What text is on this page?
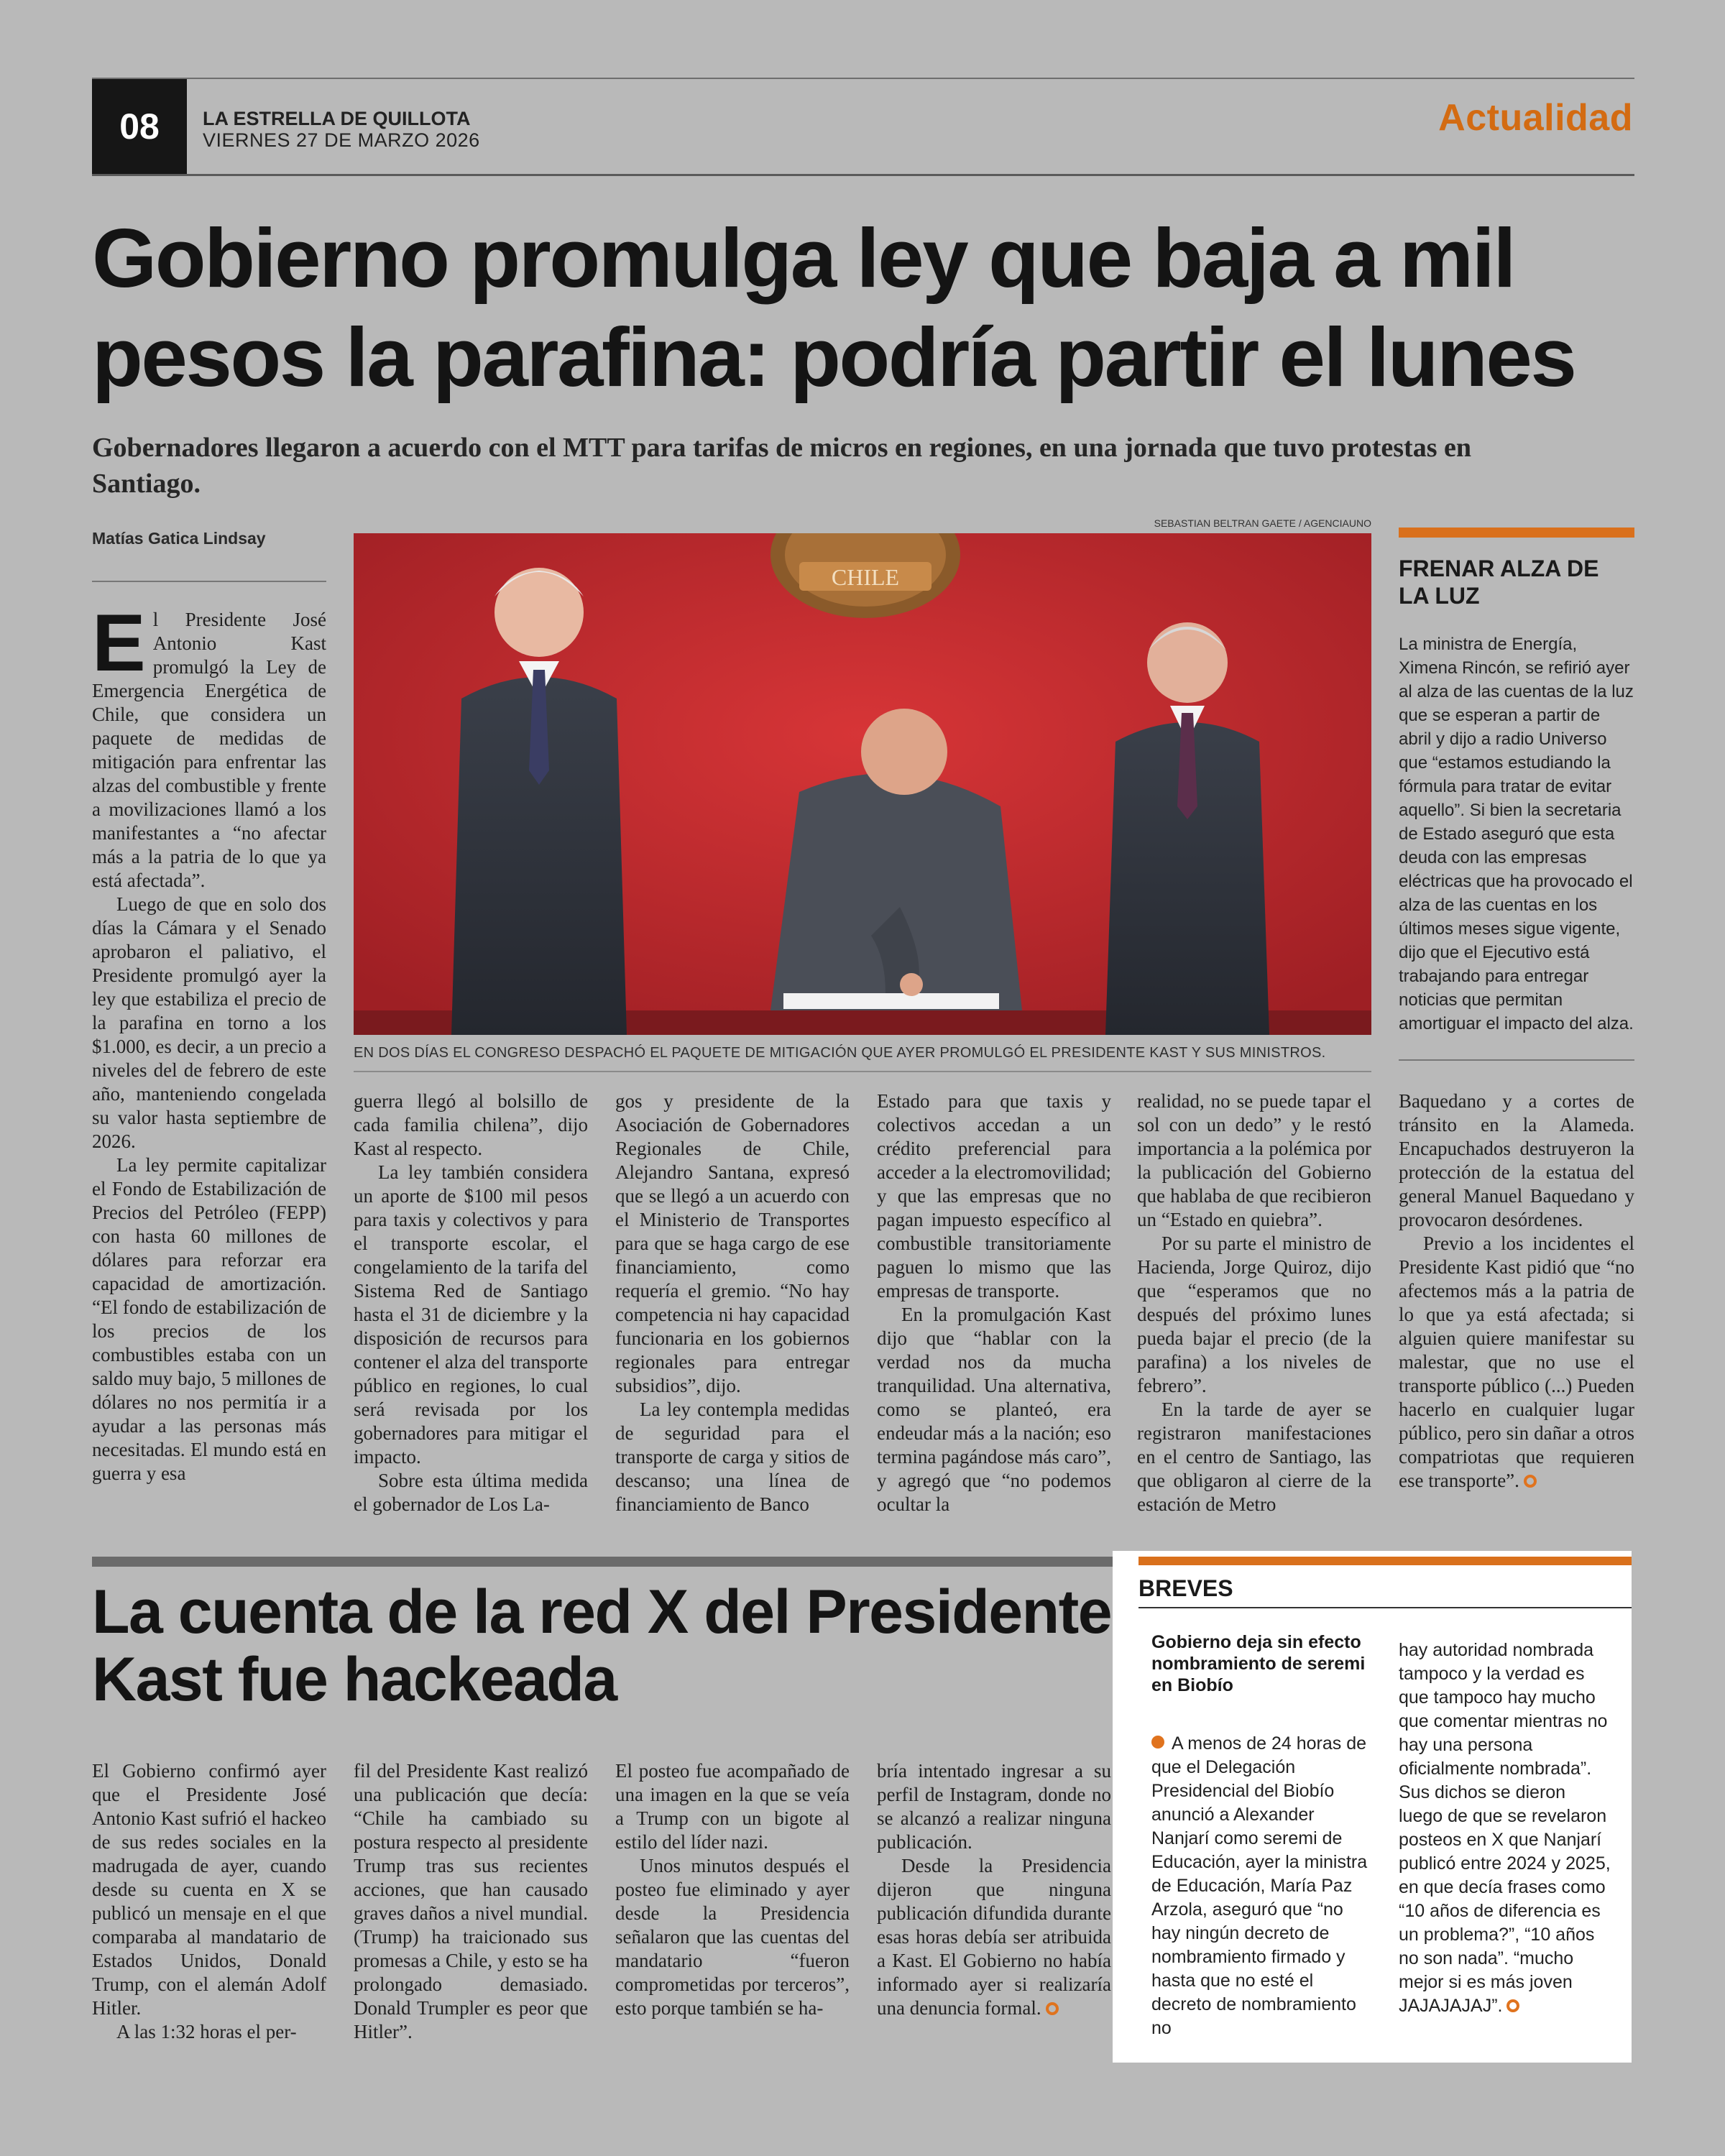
08	LA ESTRELLA DE QUILLOTA
VIERNES 27 DE MARZO 2026
Actualidad
Gobierno promulga ley que baja a mil pesos la parafina: podría partir el lunes
Gobernadores llegaron a acuerdo con el MTT para tarifas de micros en regiones, en una jornada que tuvo protestas en Santiago.
Matías Gatica Lindsay
SEBASTIAN BELTRAN GAETE / AGENCIAUNO
CHILE
EN DOS DÍAS EL CONGRESO DESPACHÓ EL PAQUETE DE MITIGACIÓN QUE AYER PROMULGÓ EL PRESIDENTE KAST Y SUS MINISTROS.

El Presidente José Antonio Kast promulgó la Ley de Emergencia Energética de Chile, que considera un paquete de medidas de mitigación para enfrentar las alzas del combustible y frente a movilizaciones llamó a los manifestantes a “no afectar más a la patria de lo que ya está afectada”.

Luego de que en solo dos días la Cámara y el Senado aprobaron el paliativo, el Presidente promulgó ayer la ley que estabiliza el precio de la parafina en torno a los $1.000, es decir, a un precio a niveles del de febrero de este año, manteniendo congelada su valor hasta septiembre de 2026.

La ley permite capitalizar el Fondo de Estabilización de Precios del Petróleo (FEPP) con hasta 60 millones de dólares para reforzar era capacidad de amortización. “El fondo de estabilización de los precios de los combustibles estaba con un saldo muy bajo, 5 millones de dólares no nos permitía ir a ayudar a las personas más necesitadas. El mundo está en guerra y esa

guerra llegó al bolsillo de cada familia chilena”, dijo Kast al respecto.

La ley también considera un aporte de $100 mil pesos para taxis y colectivos y para el transporte escolar, el congelamiento de la tarifa del Sistema Red de Santiago hasta el 31 de diciembre y la disposición de recursos para contener el alza del transporte público en regiones, lo cual será revisada por los gobernadores para mitigar el impacto.

Sobre esta última medida el gobernador de Los La-

gos y presidente de la Asociación de Gobernadores Regionales de Chile, Alejandro Santana, expresó que se llegó a un acuerdo con el Ministerio de Transportes para que se haga cargo de ese financiamiento, como requería el gremio. “No hay competencia ni hay capacidad funcionaria en los gobiernos regionales para entregar subsidios”, dijo.

La ley contempla medidas de seguridad para el transporte de carga y sitios de descanso; una línea de financiamiento de Banco

Estado para que taxis y colectivos accedan a un crédito preferencial para acceder a la electromovilidad; y que las empresas que no pagan impuesto específico al combustible transitoriamente paguen lo mismo que las empresas de transporte.

En la promulgación Kast dijo que “hablar con la verdad nos da mucha tranquilidad. Una alternativa, como se planteó, era endeudar más a la nación; eso termina pagándose más caro”, y agregó que “no podemos ocultar la

realidad, no se puede tapar el sol con un dedo” y le restó importancia a la polémica por la publicación del Gobierno que hablaba de que recibieron un “Estado en quiebra”.

Por su parte el ministro de Hacienda, Jorge Quiroz, dijo que “esperamos que no después del próximo lunes pueda bajar el precio (de la parafina) a los niveles de febrero”.

En la tarde de ayer se registraron manifestaciones en el centro de Santiago, las que obligaron al cierre de la estación de Metro

Baquedano y a cortes de tránsito en la Alameda. Encapuchados destruyeron la protección de la estatua del general Manuel Baquedano y provocaron desórdenes.

Previo a los incidentes el Presidente Kast pidió que “no afectemos más a la patria de lo que ya está afectada; si alguien quiere manifestar su malestar, que no use el transporte público (...) Pueden hacerlo en cualquier lugar público, pero sin dañar a otros compatriotas que requieren ese transporte”.

FRENAR ALZA DE LA LUZ
La ministra de Energía, Ximena Rincón, se refirió ayer al alza de las cuentas de la luz que se esperan a partir de abril y dijo a radio Universo que “estamos estudiando la fórmula para tratar de evitar aquello”. Si bien la secretaria de Estado aseguró que esta deuda con las empresas eléctricas que ha provocado el alza de las cuentas en los últimos meses sigue vigente, dijo que el Ejecutivo está trabajando para entregar noticias que permitan amortiguar el impacto del alza.
La cuenta de la red X del Presidente Kast fue hackeada

El Gobierno confirmó ayer que el Presidente José Antonio Kast sufrió el hackeo de sus redes sociales en la madrugada de ayer, cuando desde su cuenta en X se publicó un mensaje en el que comparaba al mandatario de Estados Unidos, Donald Trump, con el alemán Adolf Hitler.

A las 1:32 horas el per-

fil del Presidente Kast realizó una publicación que decía: “Chile ha cambiado su postura respecto al presidente Trump tras sus recientes acciones, que han causado graves daños a nivel mundial. (Trump) ha traicionado sus promesas a Chile, y esto se ha prolongado demasiado. Donald Trumpler es peor que Hitler”.

El posteo fue acompañado de una imagen en la que se veía a Trump con un bigote al estilo del líder nazi.

Unos minutos después el posteo fue eliminado y ayer desde la Presidencia señalaron que las cuentas del mandatario “fueron comprometidas por terceros”, esto porque también se ha-

bría intentado ingresar a su perfil de Instagram, donde no se alcanzó a realizar ninguna publicación.

Desde la Presidencia dijeron que ninguna publicación difundida durante esas horas debía ser atribuida a Kast. El Gobierno no había informado ayer si realizaría una denuncia formal.

BREVES
Gobierno deja sin efecto nombramiento de seremi en Biobío
A menos de 24 horas de que el Delegación Presidencial del Biobío anunció a Alexander Nanjarí como seremi de Educación, ayer la ministra de Educación, María Paz Arzola, aseguró que “no hay ningún decreto de nombramiento firmado y hasta que no esté el decreto de nombramiento no
hay autoridad nombrada tampoco y la verdad es que tampoco hay mucho que comentar mientras no hay una persona oficialmente nombrada”. Sus dichos se dieron luego de que se revelaron posteos en X que Nanjarí publicó entre 2024 y 2025, en que decía frases como “10 años de diferencia es un problema?”, “10 años no son nada”. “mucho mejor si es más joven JAJAJAJAJ”.
